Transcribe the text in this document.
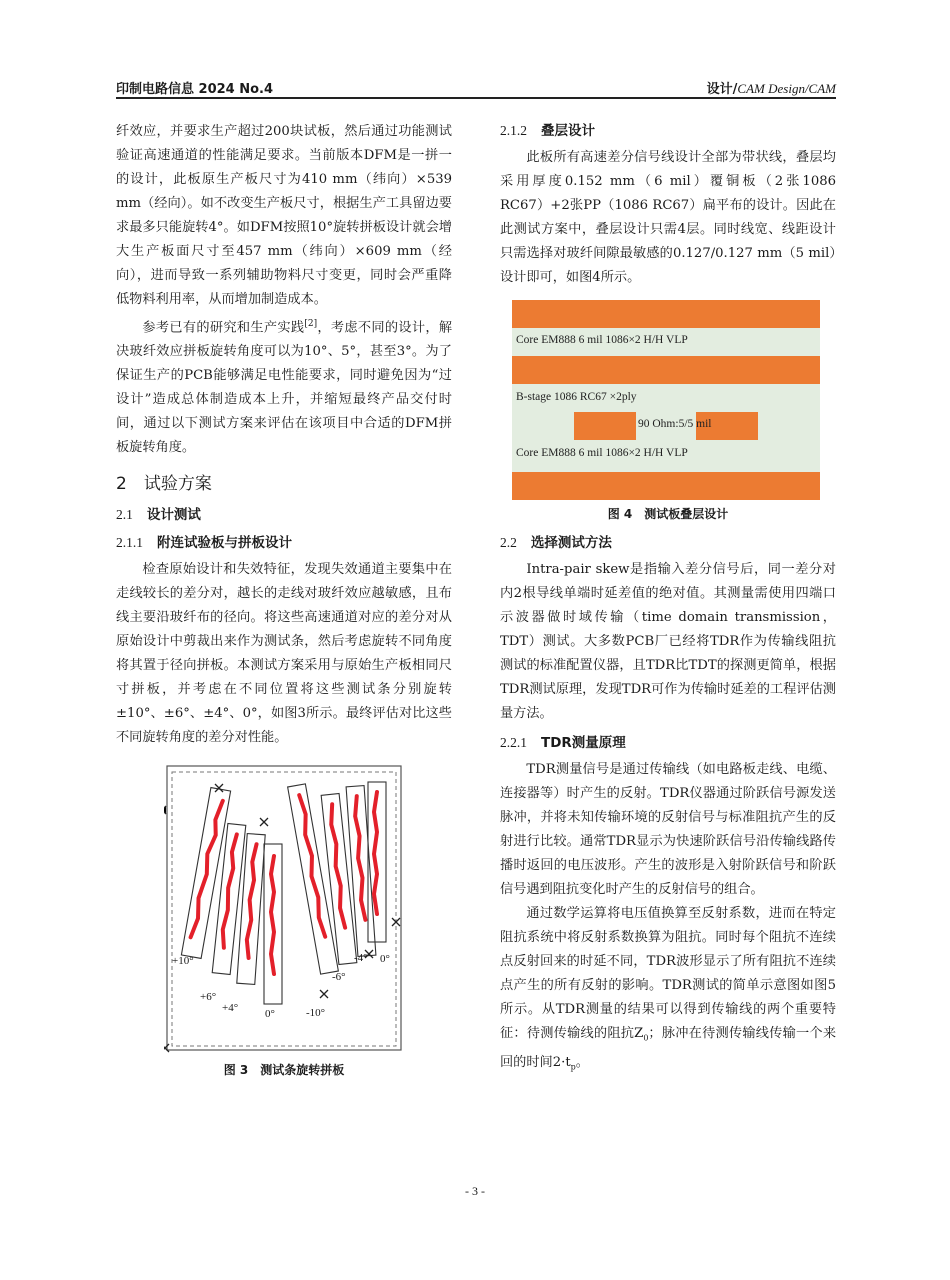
印制电路信息 2024 No.4	设计/CAM Design/CAM

纤效应，并要求生产超过200块试板，然后通过功能测试验证高速通道的性能满足要求。当前版本DFM是一拼一的设计，此板原生产板尺寸为410 mm（纬向）×539 mm（经向）。如不改变生产板尺寸，根据生产工具留边要求最多只能旋转4°。如DFM按照10°旋转拼板设计就会增大生产板面尺寸至457 mm（纬向）×609 mm（经向），进而导致一系列辅助物料尺寸变更，同时会严重降低物料利用率，从而增加制造成本。

参考已有的研究和生产实践[2]，考虑不同的设计，解决玻纤效应拼板旋转角度可以为10°、5°，甚至3°。为了保证生产的PCB能够满足电性能要求，同时避免因为“过设计”造成总体制造成本上升，并缩短最终产品交付时间，通过以下测试方案来评估在该项目中合适的DFM拼板旋转角度。

2　试验方案
2.1 设计测试
2.1.1 附连试验板与拼板设计

检查原始设计和失效特征，发现失效通道主要集中在走线较长的差分对，越长的走线对玻纤效应越敏感，且布线主要沿玻纤布的径向。将这些高速通道对应的差分对从原始设计中剪裁出来作为测试条，然后考虑旋转不同角度将其置于径向拼板。本测试方案采用与原始生产板相同尺寸拼板，并考虑在不同位置将这些测试条分别旋转±10°、±6°、±4°、0°，如图3所示。最终评估对比这些不同旋转角度的差分对性能。

+10°
+6°
+4° 0°	-10°
-6°
-4° 0°
图 3　测试条旋转拼板
2.1.2 叠层设计

此板所有高速差分信号线设计全部为带状线，叠层均采用厚度0.152 mm（6 mil）覆铜板（2张1086 RC67）+2张PP（1086 RC67）扁平布的设计。因此在此测试方案中，叠层设计只需4层。同时线宽、线距设计只需选择对玻纤间隙最敏感的0.127/0.127 mm（5 mil）设计即可，如图4所示。

Core EM888 6 mil 1086×2 H/H VLP
B-stage 1086 RC67 ×2ply
90 Ohm:5/5 mil
Core EM888 6 mil 1086×2 H/H VLP
图 4　测试板叠层设计
2.2 选择测试方法

Intra-pair skew是指输入差分信号后，同一差分对内2根导线单端时延差值的绝对值。其测量需使用四端口示波器做时域传输（time domain transmission，TDT）测试。大多数PCB厂已经将TDR作为传输线阻抗测试的标准配置仪器，且TDR比TDT的探测更简单，根据TDR测试原理，发现TDR可作为传输时延差的工程评估测量方法。

2.2.1 TDR测量原理

TDR测量信号是通过传输线（如电路板走线、电缆、连接器等）时产生的反射。TDR仪器通过阶跃信号源发送脉冲，并将未知传输环境的反射信号与标准阻抗产生的反射进行比较。通常TDR显示为快速阶跃信号沿传输线路传播时返回的电压波形。产生的波形是入射阶跃信号和阶跃信号遇到阻抗变化时产生的反射信号的组合。

通过数学运算将电压值换算至反射系数，进而在特定阻抗系统中将反射系数换算为阻抗。同时每个阻抗不连续点反射回来的时延不同，TDR波形显示了所有阻抗不连续点产生的所有反射的影响。TDR测试的简单示意图如图5所示。从TDR测量的结果可以得到传输线的两个重要特征：待测传输线的阻抗$Z_0$；脉冲在待测传输线传输一个来回的时间$2\cdot t_p$。

- 3 -
